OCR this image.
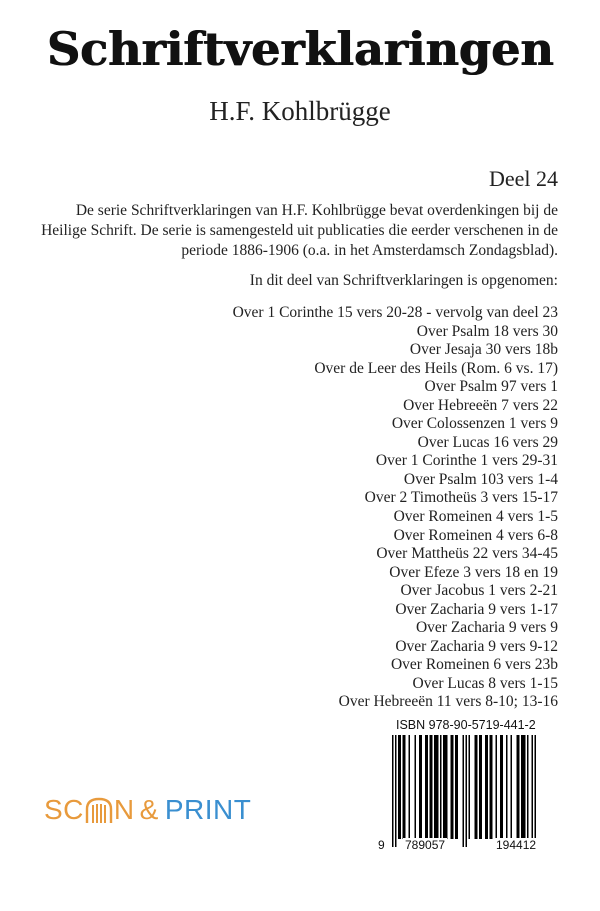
Schriftverklaringen
H.F. Kohlbrügge
Deel 24
De serie Schriftverklaringen van H.F. Kohlbrügge bevat overdenkingen bij de Heilige Schrift. De serie is samengesteld uit publicaties die eerder verschenen in de periode 1886-1906 (o.a. in het Amsterdamsch Zondagsblad).
In dit deel van Schriftverklaringen is opgenomen:
Over 1 Corinthe 15 vers 20-28 - vervolg van deel 23
Over Psalm 18 vers 30
Over Jesaja 30 vers 18b
Over de Leer des Heils (Rom. 6 vs. 17)
Over Psalm 97 vers 1
Over Hebreeën 7 vers 22
Over Colossenzen 1 vers 9
Over Lucas 16 vers 29
Over 1 Corinthe 1 vers 29-31
Over Psalm 103 vers 1-4
Over 2 Timotheüs 3 vers 15-17
Over Romeinen 4 vers 1-5
Over Romeinen 4 vers 6-8
Over Mattheüs 22 vers 34-45
Over Efeze 3 vers 18 en 19
Over Jacobus 1 vers 2-21
Over Zacharia 9 vers 1-17
Over Zacharia 9 vers 9
Over Zacharia 9 vers 9-12
Over Romeinen 6 vers 23b
Over Lucas 8 vers 1-15
Over Hebreeën 11 vers 8-10; 13-16
ISBN 978-90-5719-441-2
9 789057	194412
SC N & PRINT
